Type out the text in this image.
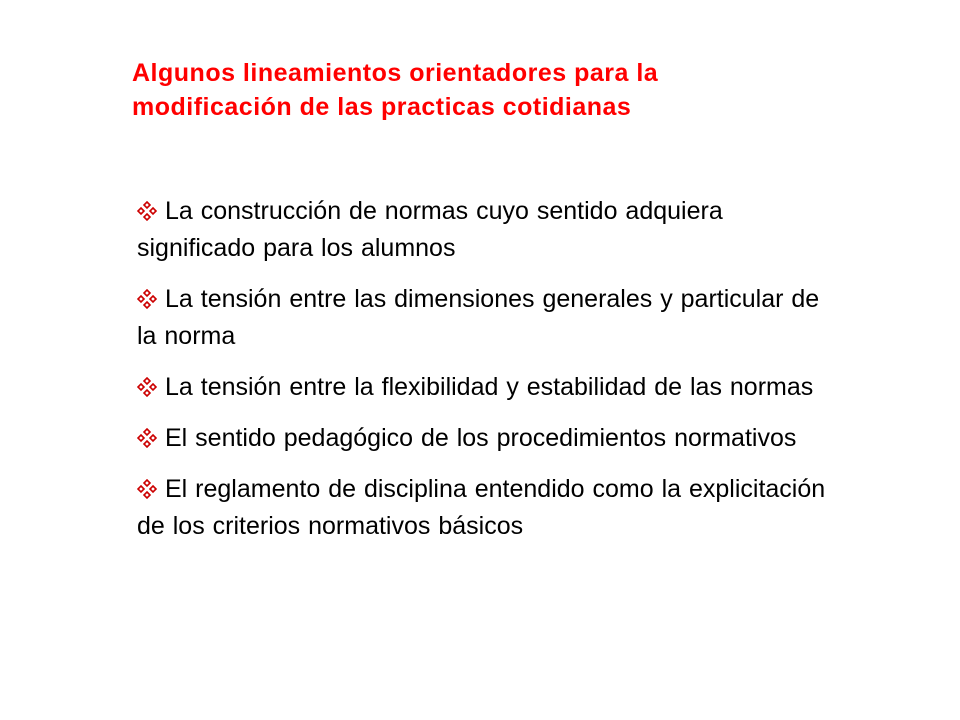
Algunos lineamientos orientadores para la modificación de las practicas cotidianas
La construcción de normas cuyo sentido adquiera significado para los alumnos
La tensión entre las dimensiones generales y particular de la norma
La tensión entre la flexibilidad y estabilidad de las normas
El sentido pedagógico de los procedimientos normativos
El reglamento de disciplina entendido como la explicitación de los criterios normativos básicos
